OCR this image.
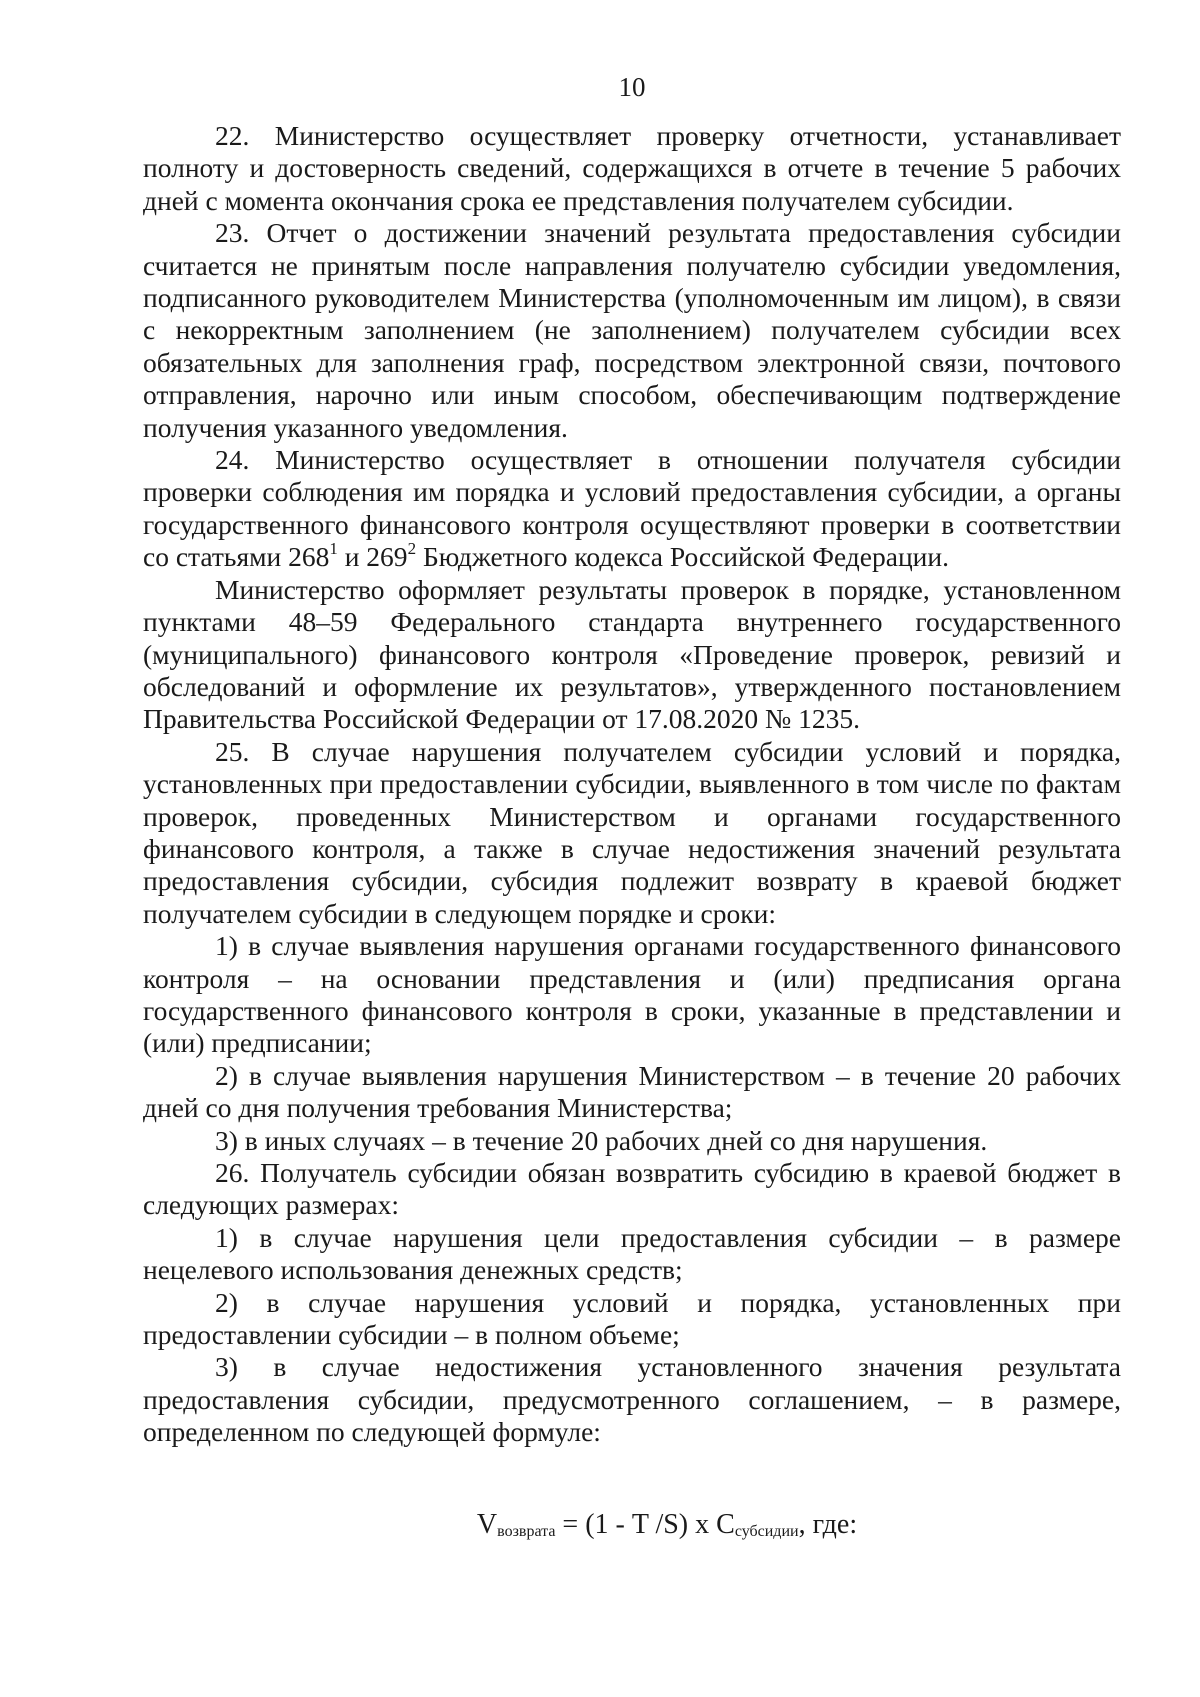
10

22. Министерство осуществляет проверку отчетности, устанавливает полноту и достоверность сведений, содержащихся в отчете в течение 5 рабочих дней с момента окончания срока ее представления получателем субсидии.

23. Отчет о достижении значений результата предоставления субсидии считается не принятым после направления получателю субсидии уведомления, подписанного руководителем Министерства (уполномоченным им лицом), в связи с некорректным заполнением (не заполнением) получателем субсидии всех обязательных для заполнения граф, посредством электронной связи, почтового отправления, нарочно или иным способом, обеспечивающим подтверждение получения указанного уведомления.

24. Министерство осуществляет в отношении получателя субсидии проверки соблюдения им порядка и условий предоставления субсидии, а органы государственного финансового контроля осуществляют проверки в соответствии со статьями $268^1$ и $269^2$ Бюджетного кодекса Российской Федерации.

Министерство оформляет результаты проверок в порядке, установленном пунктами 48–59 Федерального стандарта внутреннего государственного (муниципального) финансового контроля «Проведение проверок, ревизий и обследований и оформление их результатов», утвержденного постановлением Правительства Российской Федерации от 17.08.2020 № 1235.

25. В случае нарушения получателем субсидии условий и порядка, установленных при предоставлении субсидии, выявленного в том числе по фактам проверок, проведенных Министерством и органами государственного финансового контроля, а также в случае недостижения значений результата предоставления субсидии, субсидия подлежит возврату в краевой бюджет получателем субсидии в следующем порядке и сроки:

1) в случае выявления нарушения органами государственного финансового контроля – на основании представления и (или) предписания органа государственного финансового контроля в сроки, указанные в представлении и (или) предписании;

2) в случае выявления нарушения Министерством – в течение 20 рабочих дней со дня получения требования Министерства;

3) в иных случаях – в течение 20 рабочих дней со дня нарушения.

26. Получатель субсидии обязан возвратить субсидию в краевой бюджет в следующих размерах:

1) в случае нарушения цели предоставления субсидии – в размере нецелевого использования денежных средств;

2) в случае нарушения условий и порядка, установленных при предоставлении субсидии – в полном объеме;

3) в случае недостижения установленного значения результата предоставления субсидии, предусмотренного соглашением, – в размере, определенном по следующей формуле:

$V_{возврата} = (1 - T$ /S) x $C_{субсидии}$, где:
